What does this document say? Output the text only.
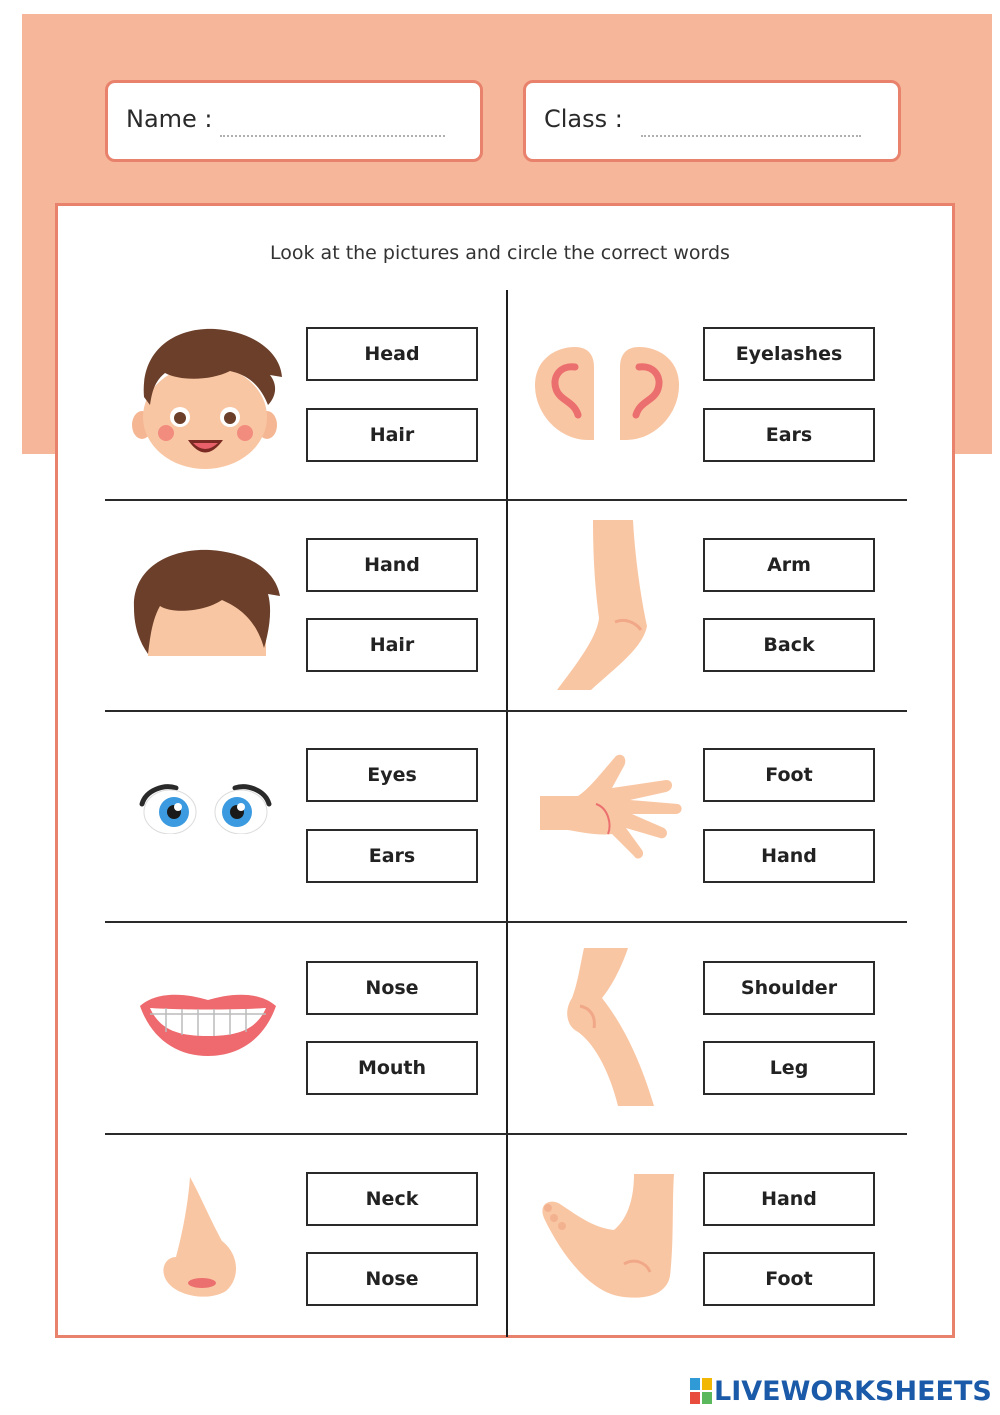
Name :	Class :
Look at the pictures and circle the correct words
Head
Hair
Eyelashes
Ears
Hand
Hair
Arm
Back
Eyes
Ears
Foot
Hand
Nose
Mouth
Shoulder
Leg
Neck
Nose
Hand
Foot
LIVEWORKSHEETS
